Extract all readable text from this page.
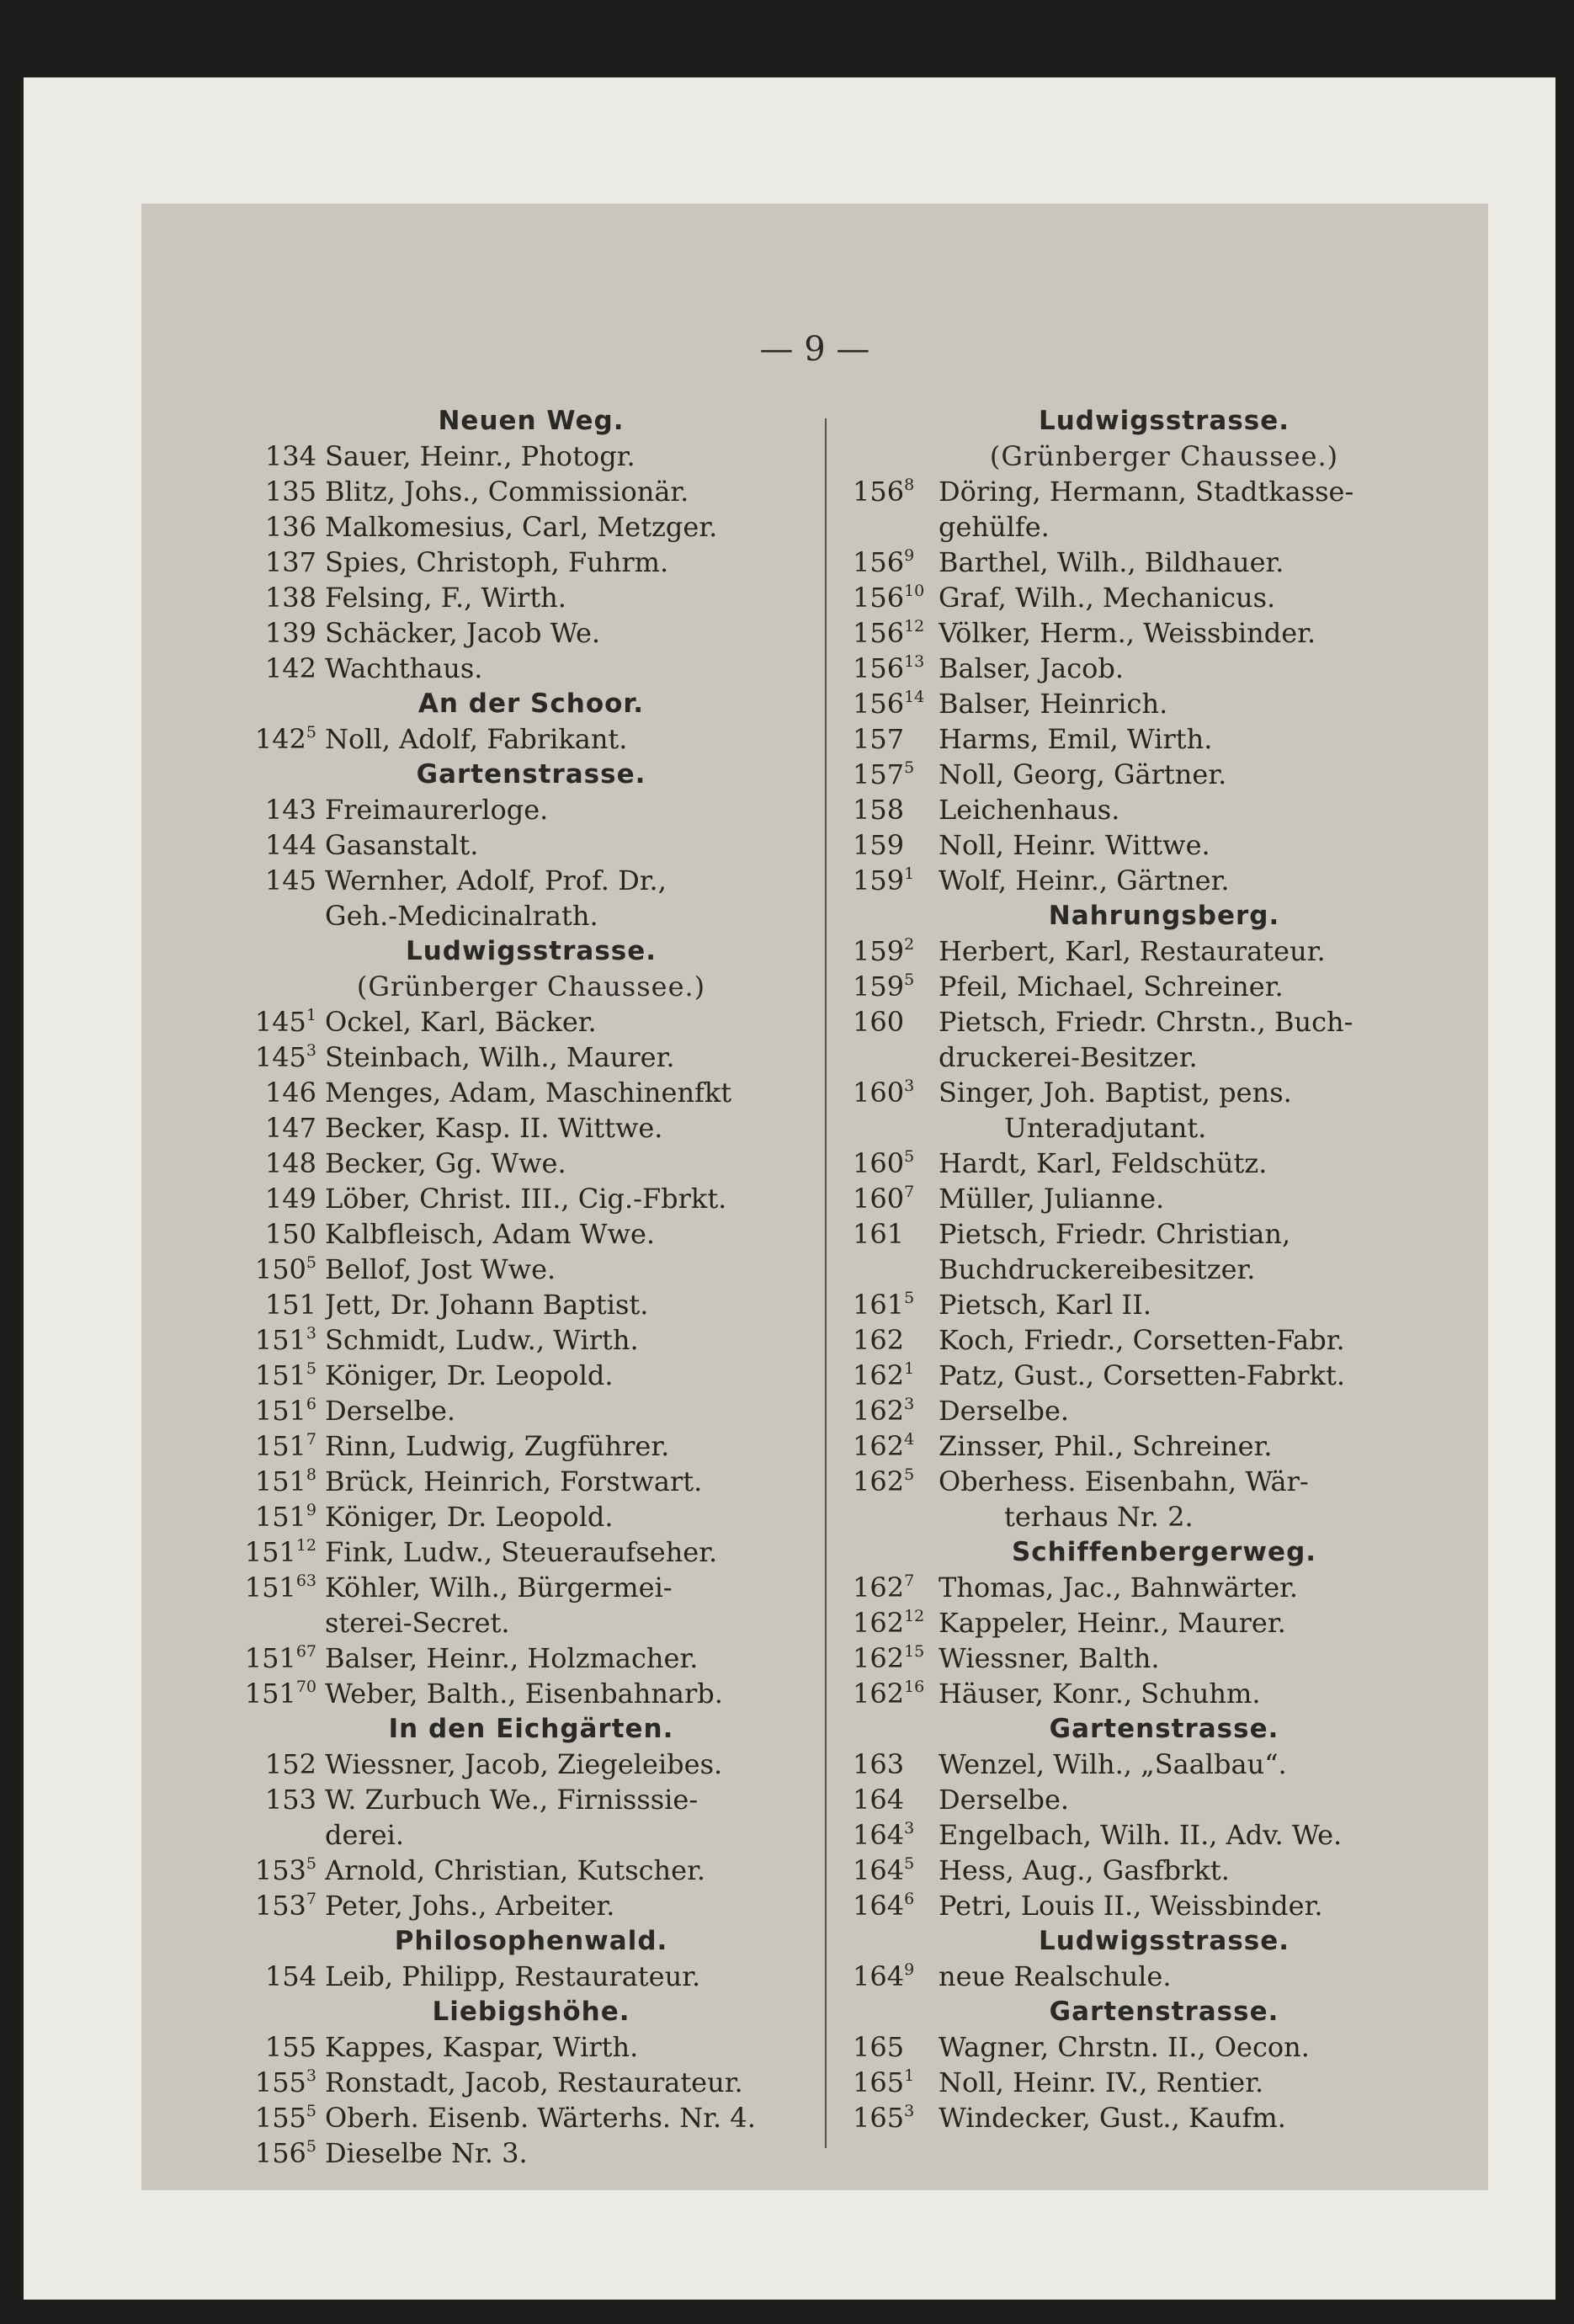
— 9 —
Neuen Weg.
134 Sauer, Heinr., Photogr.
135 Blitz, Johs., Commissionär.
136 Malkomesius, Carl, Metzger.
137 Spies, Christoph, Fuhrm.
138 Felsing, F., Wirth.
139 Schäcker, Jacob We.
142 Wachthaus.
An der Schoor.
$142^5$ Noll, Adolf, Fabrikant.
Gartenstrasse.
143 Freimaurerloge.
144 Gasanstalt.
145 Wernher, Adolf, Prof. Dr.,
Geh.-Medicinalrath.
Ludwigsstrasse.
(Grünberger Chaussee.)
$145^1$ Ockel, Karl, Bäcker.
$145^3$ Steinbach, Wilh., Maurer.
146 Menges, Adam, Maschinenfkt
147 Becker, Kasp. II. Wittwe.
148 Becker, Gg. Wwe.
149 Löber, Christ. III., Cig.-Fbrkt.
150 Kalbfleisch, Adam Wwe.
$150^5$ Bellof, Jost Wwe.
151 Jett, Dr. Johann Baptist.
$151^3$ Schmidt, Ludw., Wirth.
$151^5$ Königer, Dr. Leopold.
$151^6$ Derselbe.
$151^7$ Rinn, Ludwig, Zugführer.
$151^8$ Brück, Heinrich, Forstwart.
$151^9$ Königer, Dr. Leopold.
$151^{12}$ Fink, Ludw., Steueraufseher.
$151^{63}$ Köhler, Wilh., Bürgermei-
sterei-Secret.
$151^{67}$ Balser, Heinr., Holzmacher.
$151^{70}$ Weber, Balth., Eisenbahnarb.
In den Eichgärten.
152 Wiessner, Jacob, Ziegeleibes.
153 W. Zurbuch We., Firnisssie-
derei.
$153^5$ Arnold, Christian, Kutscher.
$153^7$ Peter, Johs., Arbeiter.
Philosophenwald.
154 Leib, Philipp, Restaurateur.
Liebigshöhe.
155 Kappes, Kaspar, Wirth.
$155^3$ Ronstadt, Jacob, Restaurateur.
$155^5$ Oberh. Eisenb. Wärterhs. Nr. 4.
$156^5$ Dieselbe Nr. 3.
Ludwigsstrasse.
(Grünberger Chaussee.)
$156^8$ Döring, Hermann, Stadtkasse-
gehülfe.
$156^9$ Barthel, Wilh., Bildhauer.
$156^{10}$ Graf, Wilh., Mechanicus.
$156^{12}$ Völker, Herm., Weissbinder.
$156^{13}$ Balser, Jacob.
$156^{14}$ Balser, Heinrich.
157	Harms, Emil, Wirth.
$157^5$ Noll, Georg, Gärtner.
158	Leichenhaus.
159	Noll, Heinr. Wittwe.
$159^1$ Wolf, Heinr., Gärtner.
Nahrungsberg.
$159^2$ Herbert, Karl, Restaurateur.
$159^5$ Pfeil, Michael, Schreiner.
160	Pietsch, Friedr. Chrstn., Buch-
druckerei-Besitzer.
$160^3$ Singer, Joh. Baptist, pens.
Unteradjutant.
$160^5$ Hardt, Karl, Feldschütz.
$160^7$ Müller, Julianne.
161	Pietsch, Friedr. Christian,
Buchdruckereibesitzer.
$161^5$ Pietsch, Karl II.
162	Koch, Friedr., Corsetten-Fabr.
$162^1$ Patz, Gust., Corsetten-Fabrkt.
$162^3$ Derselbe.
$162^4$ Zinsser, Phil., Schreiner.
$162^5$ Oberhess. Eisenbahn, Wär-
terhaus Nr. 2.
Schiffenbergerweg.
$162^7$ Thomas, Jac., Bahnwärter.
$162^{12}$ Kappeler, Heinr., Maurer.
$162^{15}$ Wiessner, Balth.
$162^{16}$ Häuser, Konr., Schuhm.
Gartenstrasse.
163	Wenzel, Wilh., „Saalbau“.
164	Derselbe.
$164^3$ Engelbach, Wilh. II., Adv. We.
$164^5$ Hess, Aug., Gasfbrkt.
$164^6$ Petri, Louis II., Weissbinder.
Ludwigsstrasse.
$164^9$ neue Realschule.
Gartenstrasse.
165	Wagner, Chrstn. II., Oecon.
$165^1$ Noll, Heinr. IV., Rentier.
$165^3$ Windecker, Gust., Kaufm.
